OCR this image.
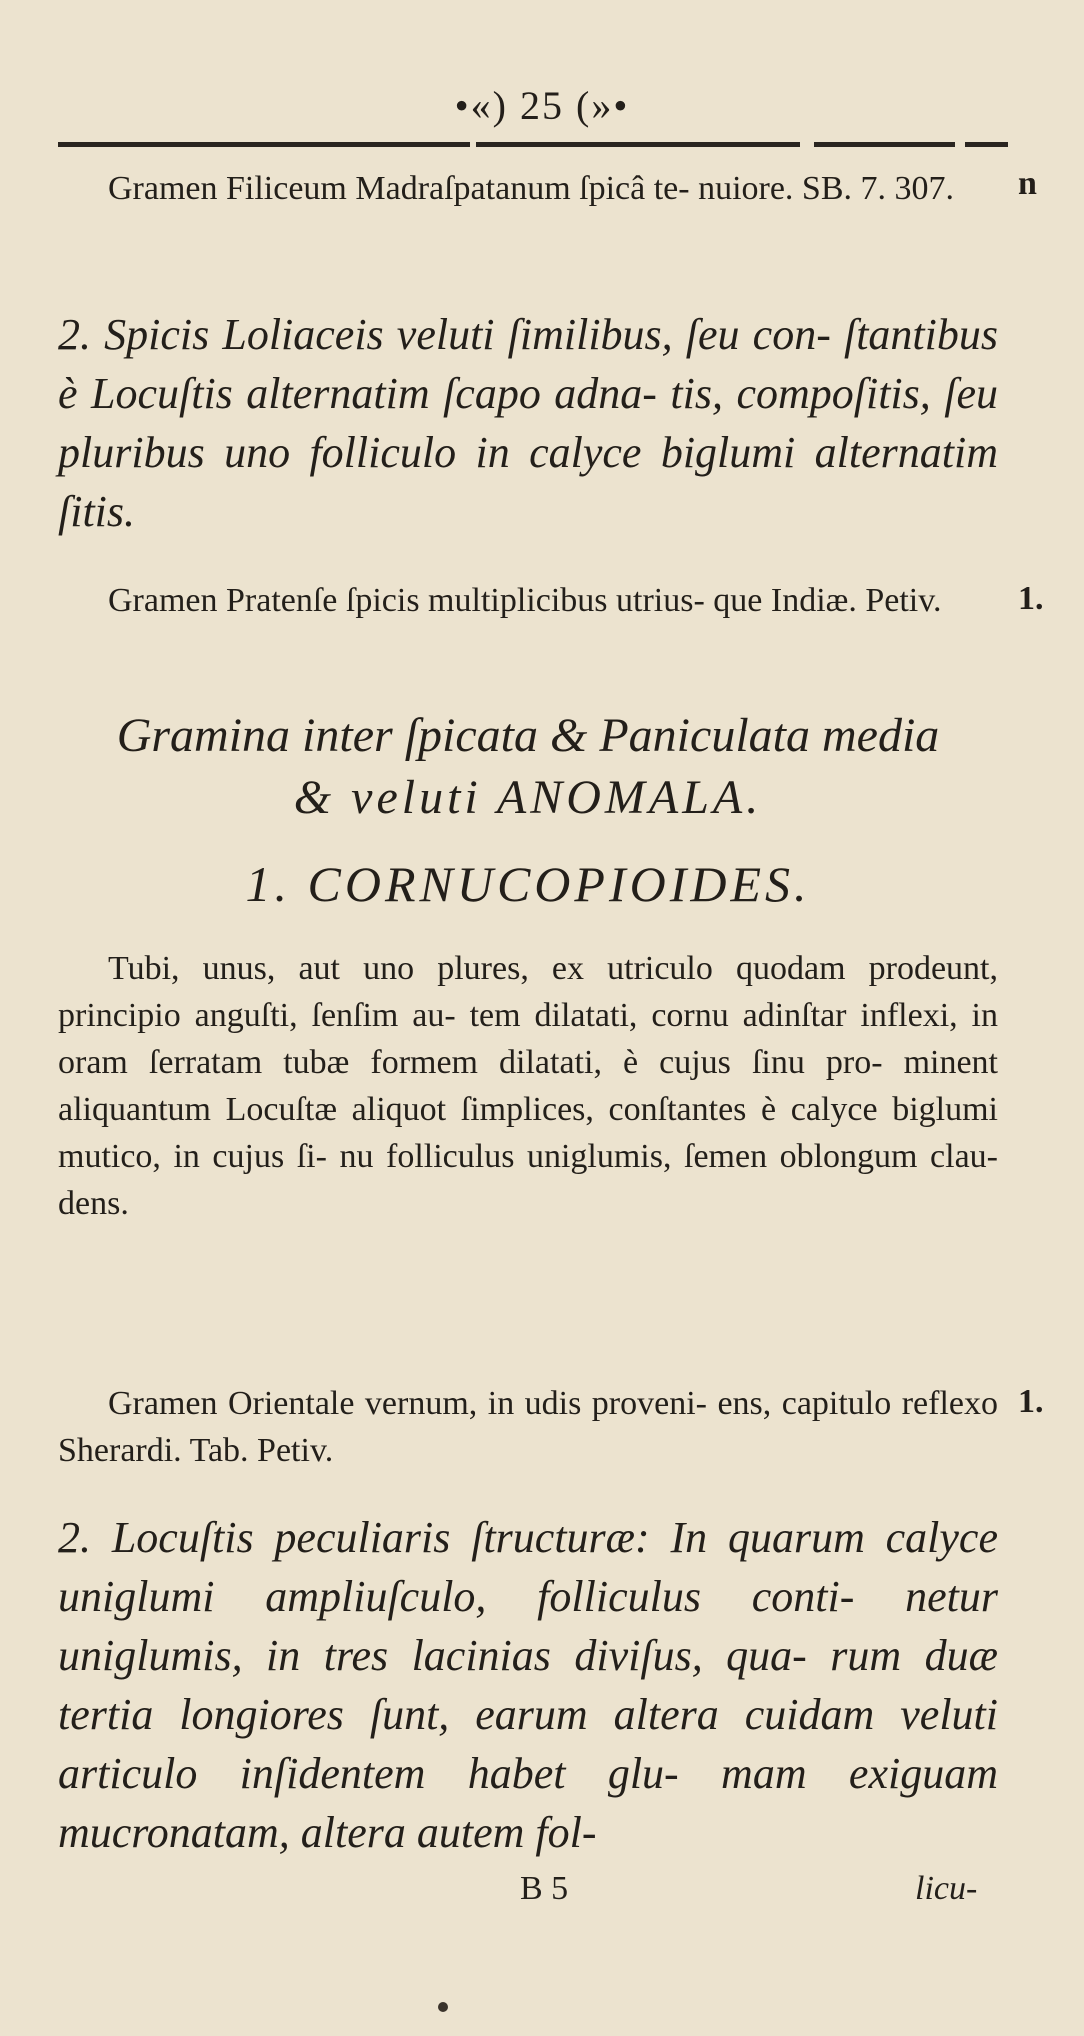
•«) 25 (»•
Gramen Filiceum Madraſpatanum ſpicâ te- nuiore. SB. 7. 307.	n
2. Spicis Loliaceis veluti ſimilibus, ſeu con- ſtantibus è Locuſtis alternatim ſcapo adna- tis, compoſitis, ſeu pluribus uno folliculo in calyce biglumi alternatim ſitis.
Gramen Pratenſe ſpicis multiplicibus utrius- que Indiæ. Petiv.	1.
Gramina inter ſpicata & Paniculata media
& veluti ANOMALA.
1. CORNUCOPIOIDES.
Tubi, unus, aut uno plures, ex utriculo quodam prodeunt, principio anguſti, ſenſim au- tem dilatati, cornu adinſtar inflexi, in oram ſerratam tubæ formem dilatati, è cujus ſinu pro- minent aliquantum Locuſtæ aliquot ſimplices, conſtantes è calyce biglumi mutico, in cujus ſi- nu folliculus uniglumis, ſemen oblongum clau- dens.
Gramen Orientale vernum, in udis proveni- ens, capitulo reflexo Sherardi. Tab. Petiv.
1.
2. Locuſtis peculiaris ſtructuræ: In quarum calyce uniglumi ampliuſculo, folliculus conti- netur uniglumis, in tres lacinias diviſus, qua- rum duæ tertia longiores ſunt, earum altera cuidam veluti articulo inſidentem habet glu- mam exiguam mucronatam, altera autem fol-
B 5	licu-
